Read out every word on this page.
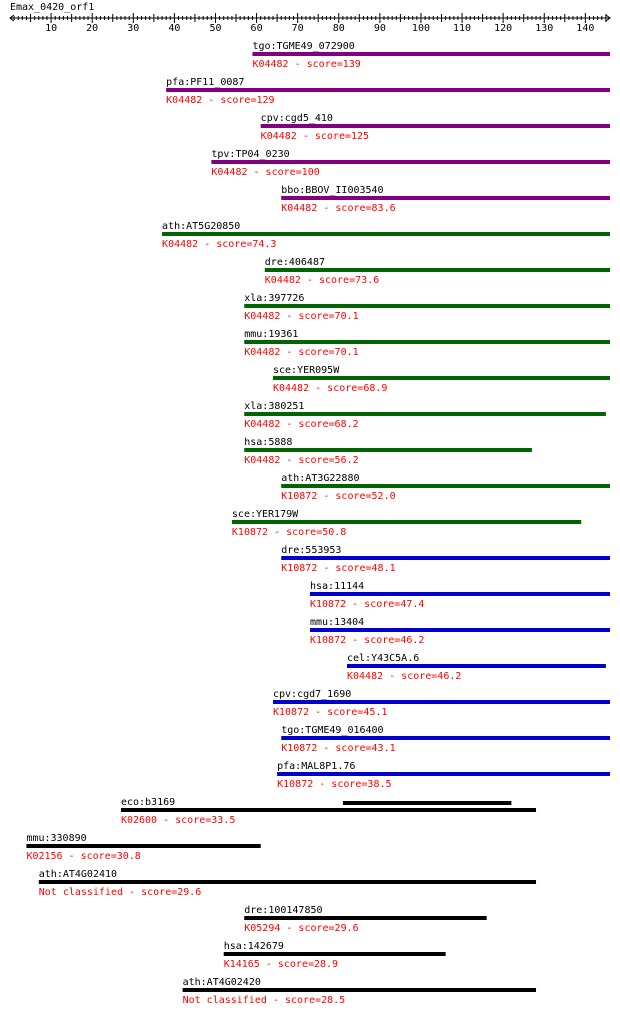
Emax_0420_orf1
10	20	30	40	50	60	70	80	90	100 110 120 130 140
tgo:TGME49_072900
K04482 - score=139
pfa:PF11_0087
K04482 - score=129
cpv:cgd5_410
K04482 - score=125
tpv:TP04_0230
K04482 - score=100
bbo:BBOV_II003540
K04482 - score=83.6
ath:AT5G20850
K04482 - score=74.3
dre:406487
K04482 - score=73.6
xla:397726
K04482 - score=70.1
mmu:19361
K04482 - score=70.1
sce:YER095W
K04482 - score=68.9
xla:380251
K04482 - score=68.2
hsa:5888
K04482 - score=56.2
ath:AT3G22880
K10872 - score=52.0
sce:YER179W
K10872 - score=50.8
dre:553953
K10872 - score=48.1
hsa:11144
K10872 - score=47.4
mmu:13404
K10872 - score=46.2
cel:Y43C5A.6
K04482 - score=46.2
cpv:cgd7_1690
K10872 - score=45.1
tgo:TGME49_016400
K10872 - score=43.1
pfa:MAL8P1.76
K10872 - score=38.5
eco:b3169
K02600 - score=33.5
mmu:330890
K02156 - score=30.8
ath:AT4G02410
Not classified - score=29.6
dre:100147850
K05294 - score=29.6
hsa:142679
K14165 - score=28.9
ath:AT4G02420
Not classified - score=28.5
